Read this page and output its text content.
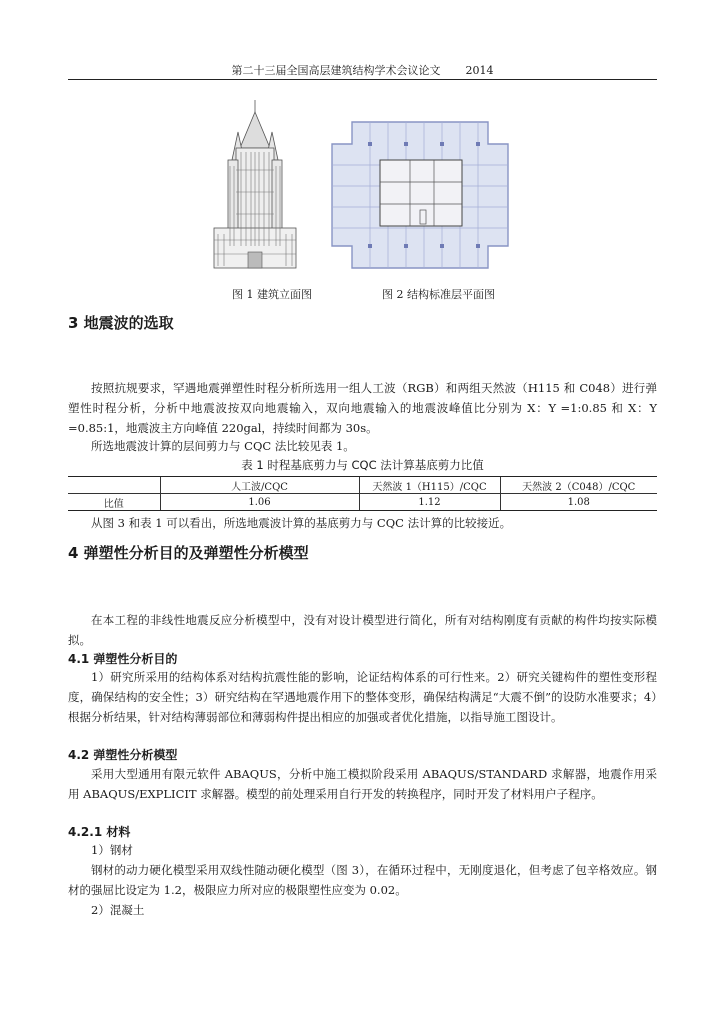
第二十三届全国高层建筑结构学术会议论文 2014
图 1 建筑立面图	图 2 结构标准层平面图
3 地震波的选取

按照抗规要求，罕遇地震弹塑性时程分析所选用一组人工波（RGB）和两组天然波（H115 和 C048）进行弹塑性时程分析，分析中地震波按双向地震输入，双向地震输入的地震波峰值比分别为 X：Y =1:0.85 和 X：Y =0.85:1，地震波主方向峰值 220gal，持续时间都为 30s。

所选地震波计算的层间剪力与 CQC 法比较见表 1。

表 1 时程基底剪力与 CQC 法计算基底剪力比值
	人工波/CQC	天然波 1（H115）/CQC	天然波 2（C048）/CQC
比值	1.06	1.12	1.08

从图 3 和表 1 可以看出，所选地震波计算的基底剪力与 CQC 法计算的比较接近。

4 弹塑性分析目的及弹塑性分析模型

在本工程的非线性地震反应分析模型中，没有对设计模型进行简化，所有对结构刚度有贡献的构件均按实际模拟。

4.1 弹塑性分析目的

1）研究所采用的结构体系对结构抗震性能的影响，论证结构体系的可行性来。2）研究关键构件的塑性变形程度，确保结构的安全性；3）研究结构在罕遇地震作用下的整体变形，确保结构满足“大震不倒”的设防水准要求；4）根据分析结果，针对结构薄弱部位和薄弱构件提出相应的加强或者优化措施，以指导施工图设计。

4.2 弹塑性分析模型

采用大型通用有限元软件 ABAQUS，分析中施工模拟阶段采用 ABAQUS/STANDARD 求解器，地震作用采用 ABAQUS/EXPLICIT 求解器。模型的前处理采用自行开发的转换程序，同时开发了材料用户子程序。

4.2.1 材料

1）钢材

钢材的动力硬化模型采用双线性随动硬化模型（图 3），在循环过程中，无刚度退化，但考虑了包辛格效应。钢材的强屈比设定为 1.2，极限应力所对应的极限塑性应变为 0.02。

2）混凝土
